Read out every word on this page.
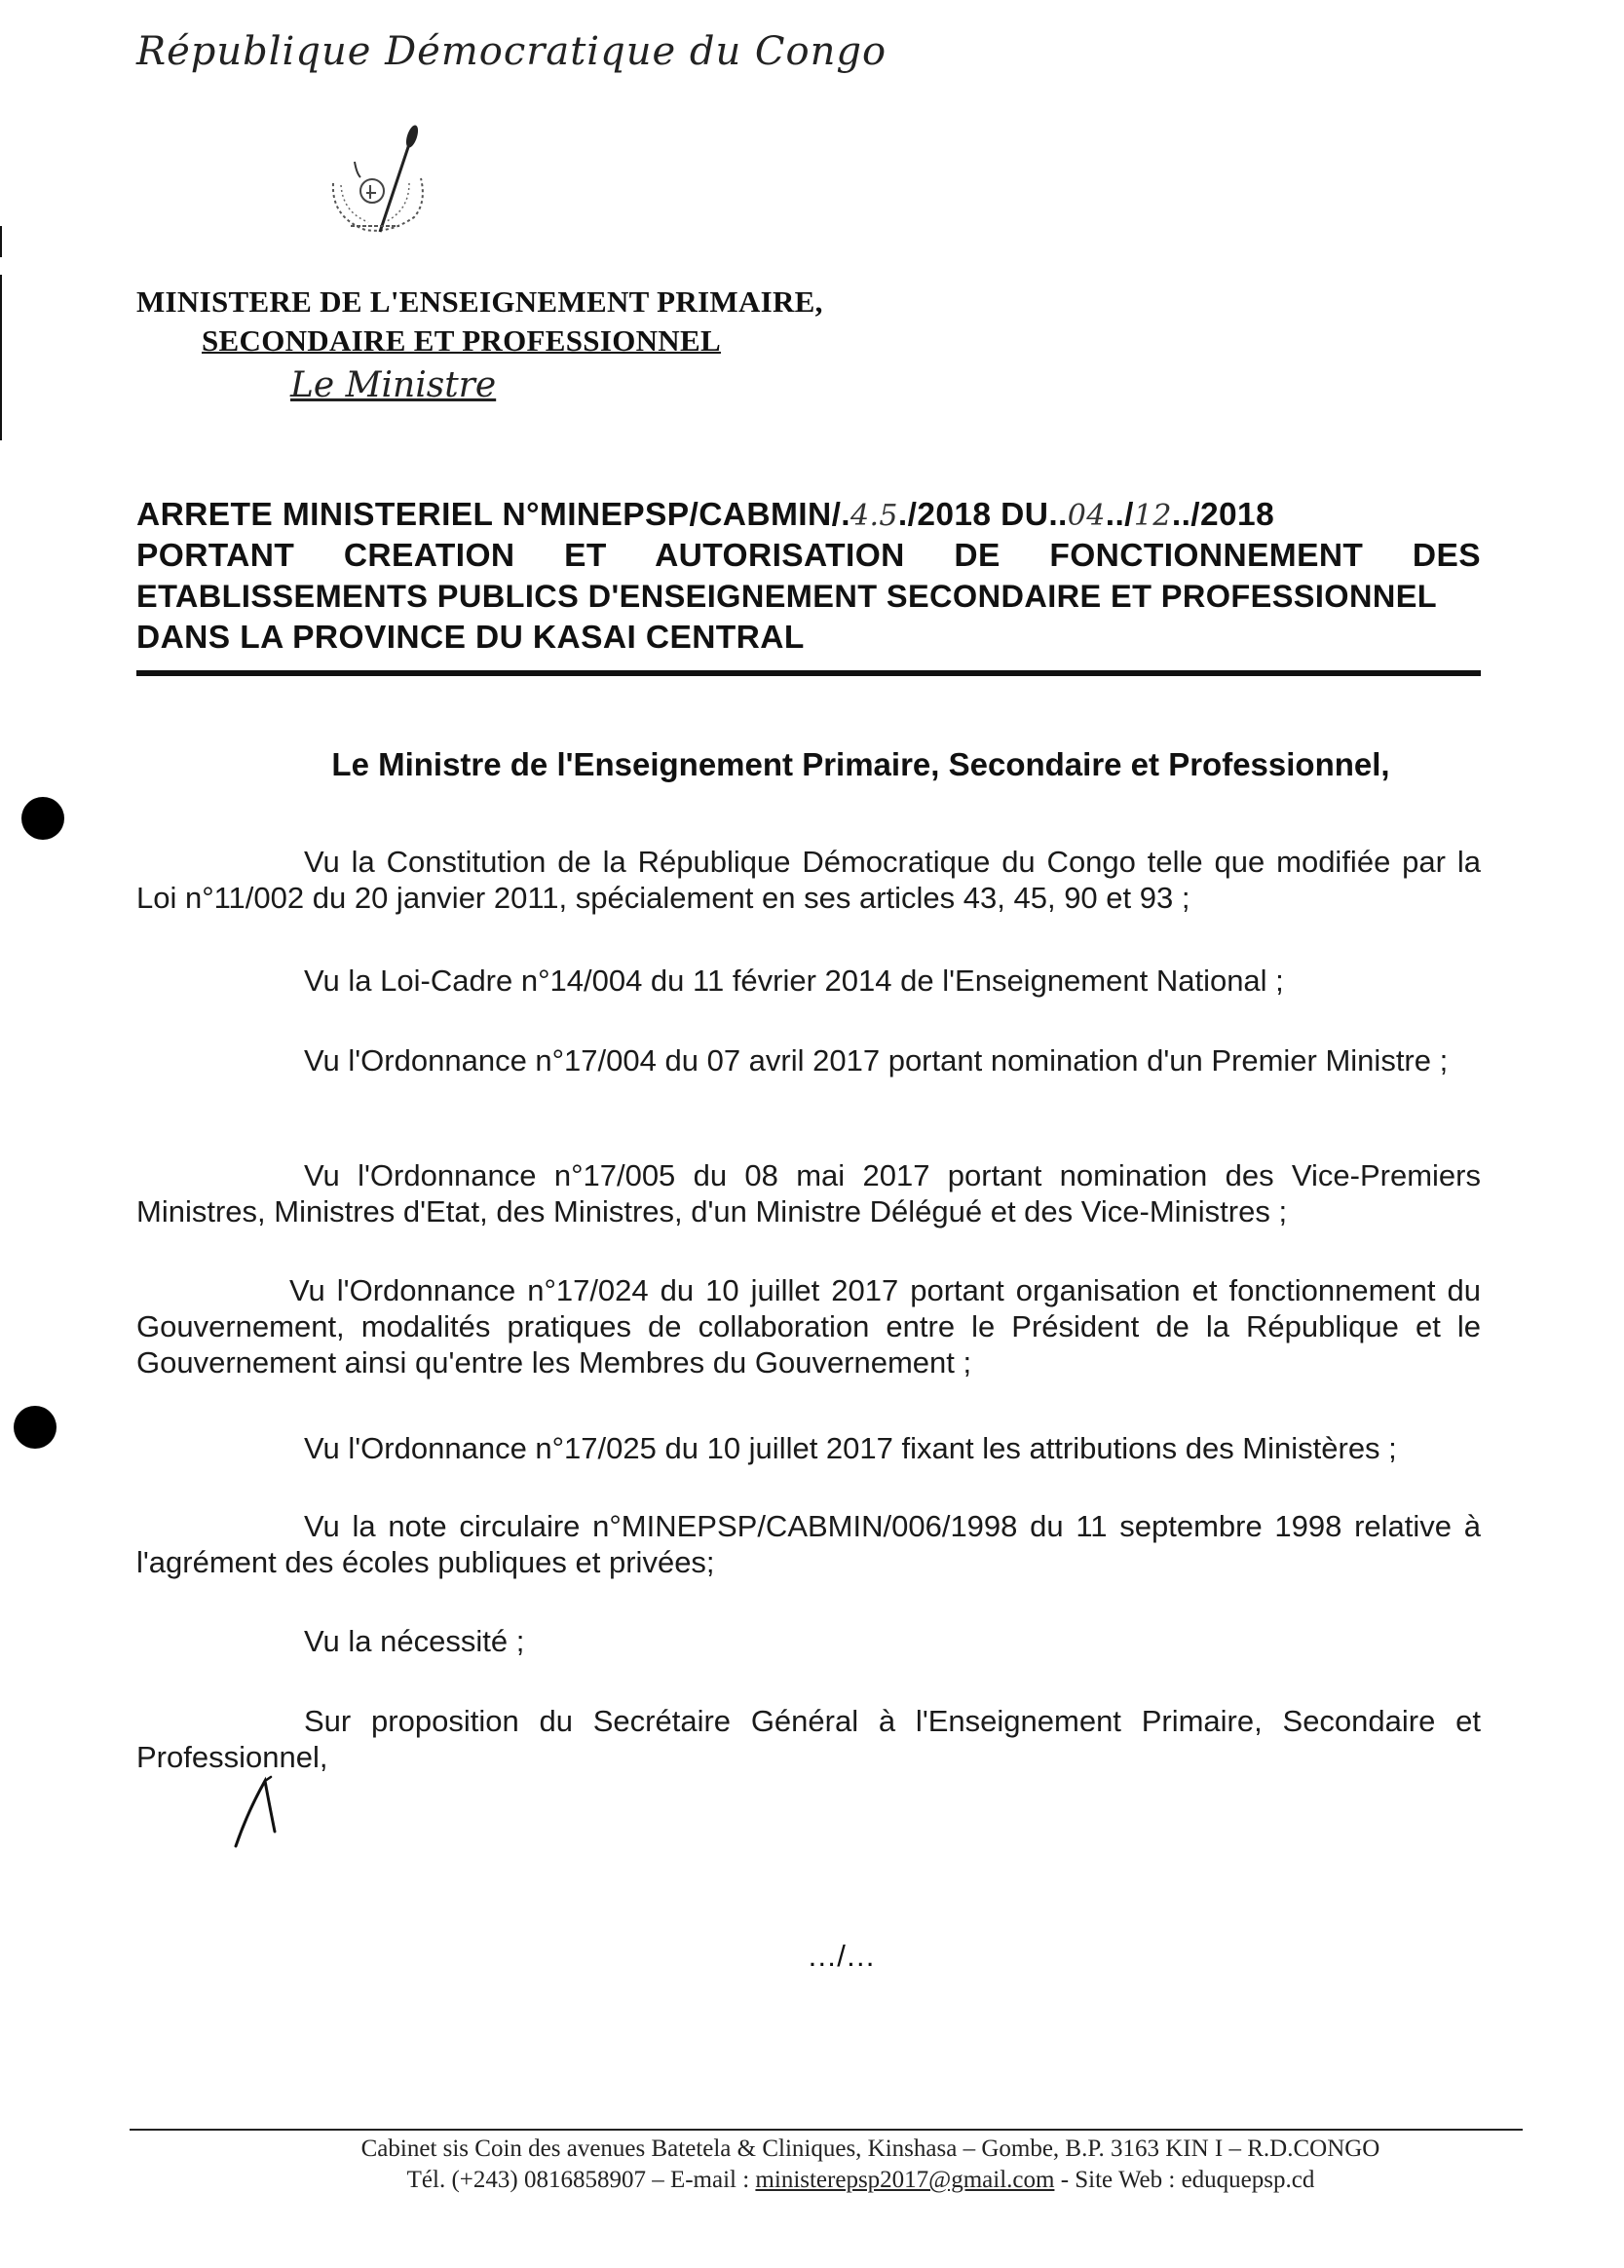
République Démocratique du Congo
MINISTERE DE L'ENSEIGNEMENT PRIMAIRE,
SECONDAIRE ET PROFESSIONNEL
Le Ministre
ARRETE MINISTERIEL N°MINEPSP/CABMIN/.4.5./2018 DU..04../12../2018
PORTANT CREATION ET AUTORISATION DE FONCTIONNEMENT DES
ETABLISSEMENTS PUBLICS D'ENSEIGNEMENT SECONDAIRE ET PROFESSIONNEL
DANS LA PROVINCE DU KASAI CENTRAL
Le Ministre de l'Enseignement Primaire, Secondaire et Professionnel,
Vu la Constitution de la République Démocratique du Congo telle que modifiée par la Loi n°11/002 du 20 janvier 2011, spécialement en ses articles 43, 45, 90 et 93 ;
Vu la Loi-Cadre n°14/004 du 11 février 2014 de l'Enseignement National ;
Vu l'Ordonnance n°17/004 du 07 avril 2017 portant nomination d'un Premier Ministre ;
Vu l'Ordonnance n°17/005 du 08 mai 2017 portant nomination des Vice-Premiers Ministres, Ministres d'Etat, des Ministres, d'un Ministre Délégué et des Vice-Ministres ;
Vu l'Ordonnance n°17/024 du 10 juillet 2017 portant organisation et fonctionnement du Gouvernement, modalités pratiques de collaboration entre le Président de la République et le Gouvernement ainsi qu'entre les Membres du Gouvernement ;
Vu l'Ordonnance n°17/025 du 10 juillet 2017 fixant les attributions des Ministères ;
Vu la note circulaire n°MINEPSP/CABMIN/006/1998 du 11 septembre 1998 relative à l'agrément des écoles publiques et privées;
Vu la nécessité ;
Sur proposition du Secrétaire Général à l'Enseignement Primaire, Secondaire et Professionnel,
…/…
Cabinet sis Coin des avenues Batetela & Cliniques, Kinshasa – Gombe, B.P. 3163 KIN I – R.D.CONGO
Tél. (+243) 0816858907 – E-mail : ministerepsp2017@gmail.com - Site Web : eduquepsp.cd
